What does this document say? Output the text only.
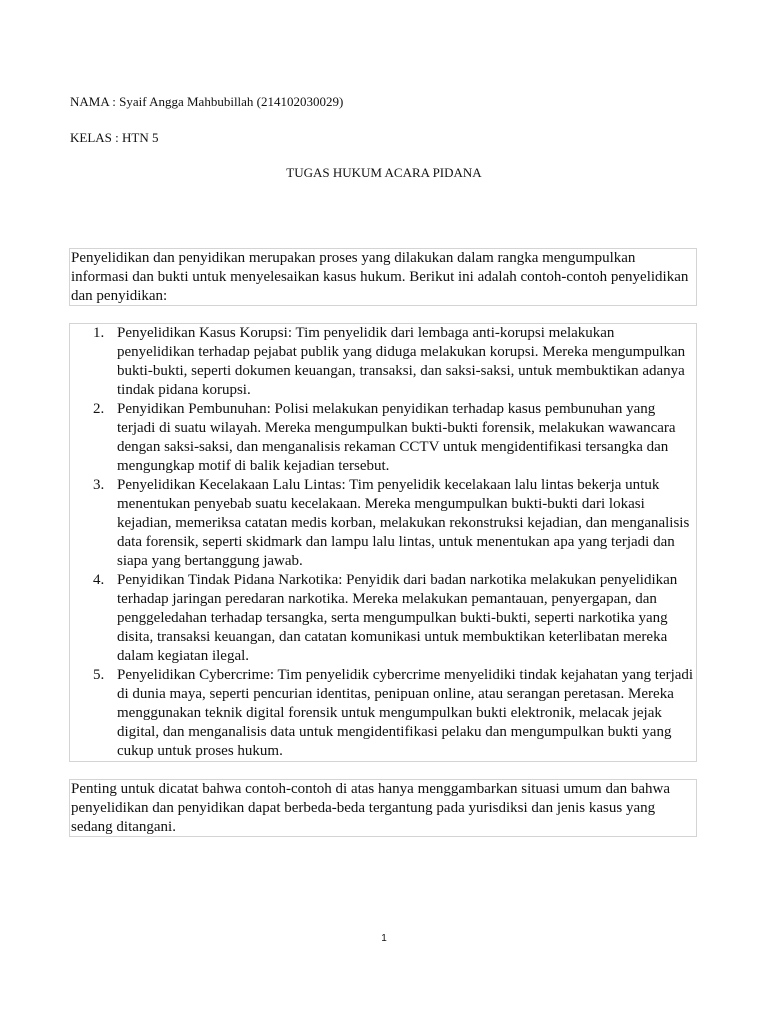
NAMA : Syaif Angga Mahbubillah (214102030029)
KELAS : HTN 5
TUGAS HUKUM ACARA PIDANA
Penyelidikan dan penyidikan merupakan proses yang dilakukan dalam rangka mengumpulkan informasi dan bukti untuk menyelesaikan kasus hukum. Berikut ini adalah contoh-contoh penyelidikan dan penyidikan:
1. Penyelidikan Kasus Korupsi: Tim penyelidik dari lembaga anti-korupsi melakukan penyelidikan terhadap pejabat publik yang diduga melakukan korupsi. Mereka mengumpulkan bukti-bukti, seperti dokumen keuangan, transaksi, dan saksi-saksi, untuk membuktikan adanya tindak pidana korupsi.
2. Penyidikan Pembunuhan: Polisi melakukan penyidikan terhadap kasus pembunuhan yang terjadi di suatu wilayah. Mereka mengumpulkan bukti-bukti forensik, melakukan wawancara dengan saksi-saksi, dan menganalisis rekaman CCTV untuk mengidentifikasi tersangka dan mengungkap motif di balik kejadian tersebut.
3. Penyelidikan Kecelakaan Lalu Lintas: Tim penyelidik kecelakaan lalu lintas bekerja untuk menentukan penyebab suatu kecelakaan. Mereka mengumpulkan bukti-bukti dari lokasi kejadian, memeriksa catatan medis korban, melakukan rekonstruksi kejadian, dan menganalisis data forensik, seperti skidmark dan lampu lalu lintas, untuk menentukan apa yang terjadi dan siapa yang bertanggung jawab.
4. Penyidikan Tindak Pidana Narkotika: Penyidik dari badan narkotika melakukan penyelidikan terhadap jaringan peredaran narkotika. Mereka melakukan pemantauan, penyergapan, dan penggeledahan terhadap tersangka, serta mengumpulkan bukti-bukti, seperti narkotika yang disita, transaksi keuangan, dan catatan komunikasi untuk membuktikan keterlibatan mereka dalam kegiatan ilegal.
5. Penyelidikan Cybercrime: Tim penyelidik cybercrime menyelidiki tindak kejahatan yang terjadi di dunia maya, seperti pencurian identitas, penipuan online, atau serangan peretasan. Mereka menggunakan teknik digital forensik untuk mengumpulkan bukti elektronik, melacak jejak digital, dan menganalisis data untuk mengidentifikasi pelaku dan mengumpulkan bukti yang cukup untuk proses hukum.
Penting untuk dicatat bahwa contoh-contoh di atas hanya menggambarkan situasi umum dan bahwa penyelidikan dan penyidikan dapat berbeda-beda tergantung pada yurisdiksi dan jenis kasus yang sedang ditangani.
1
